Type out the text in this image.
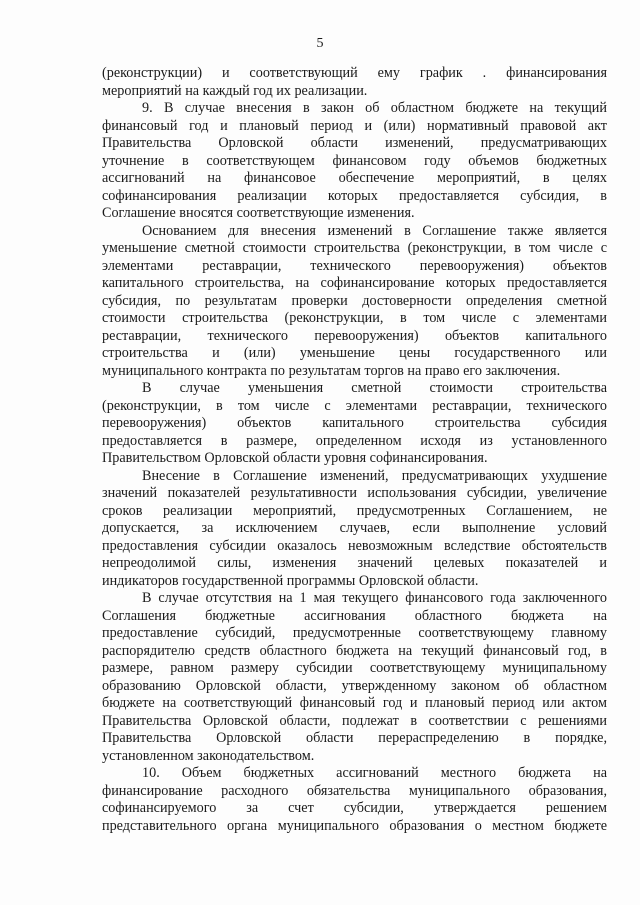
5
(реконструкции) и соответствующий ему график . финансирования
мероприятий на каждый год их реализации.
9. В случае внесения в закон об областном бюджете на текущий
финансовый год и плановый период и (или) нормативный правовой акт
Правительства Орловской области изменений, предусматривающих
уточнение в соответствующем финансовом году объемов бюджетных
ассигнований на финансовое обеспечение мероприятий, в целях
софинансирования реализации которых предоставляется субсидия, в
Соглашение вносятся соответствующие изменения.
Основанием для внесения изменений в Соглашение также является
уменьшение сметной стоимости строительства (реконструкции, в том числе с
элементами реставрации, технического перевооружения) объектов
капитального строительства, на софинансирование которых предоставляется
субсидия, по результатам проверки достоверности определения сметной
стоимости строительства (реконструкции, в том числе с элементами
реставрации, технического перевооружения) объектов капитального
строительства и (или) уменьшение цены государственного или
муниципального контракта по результатам торгов на право его заключения.
В случае уменьшения сметной стоимости строительства
(реконструкции, в том числе с элементами реставрации, технического
перевооружения) объектов капитального строительства субсидия
предоставляется в размере, определенном исходя из установленного
Правительством Орловской области уровня софинансирования.
Внесение в Соглашение изменений, предусматривающих ухудшение
значений показателей результативности использования субсидии, увеличение
сроков реализации мероприятий, предусмотренных Соглашением, не
допускается, за исключением случаев, если выполнение условий
предоставления субсидии оказалось невозможным вследствие обстоятельств
непреодолимой силы, изменения значений целевых показателей и
индикаторов государственной программы Орловской области.
В случае отсутствия на 1 мая текущего финансового года заключенного
Соглашения бюджетные ассигнования областного бюджета на
предоставление субсидий, предусмотренные соответствующему главному
распорядителю средств областного бюджета на текущий финансовый год, в
размере, равном размеру субсидии соответствующему муниципальному
образованию Орловской области, утвержденному законом об областном
бюджете на соответствующий финансовый год и плановый период или актом
Правительства Орловской области, подлежат в соответствии с решениями
Правительства Орловской области перераспределению в порядке,
установленном законодательством.
10. Объем бюджетных ассигнований местного бюджета на
финансирование расходного обязательства муниципального образования,
софинансируемого за счет субсидии, утверждается решением
представительного органа муниципального образования о местном бюджете
